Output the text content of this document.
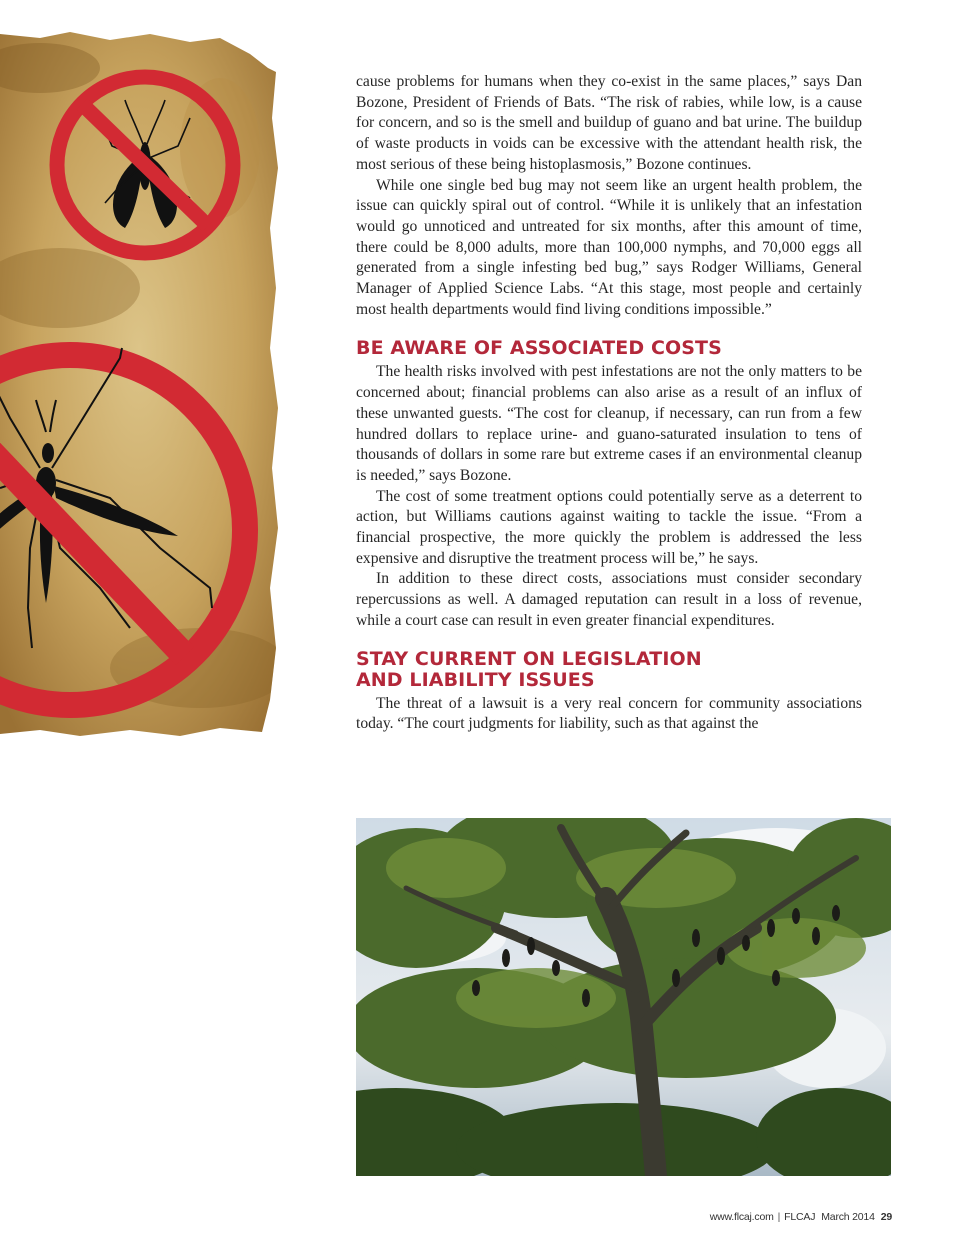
cause problems for humans when they co-exist in the same places,” says Dan Bozone, President of Friends of Bats. “The risk of rabies, while low, is a cause for concern, and so is the smell and buildup of guano and bat urine. The buildup of waste products in voids can be excessive with the attendant health risk, the most serious of these being histoplasmosis,” Bozone continues.

While one single bed bug may not seem like an urgent health problem, the issue can quickly spiral out of control. “While it is unlikely that an infestation would go unnoticed and untreated for six months, after this amount of time, there could be 8,000 adults, more than 100,000 nymphs, and 70,000 eggs all generated from a single infesting bed bug,” says Rodger Williams, General Manager of Applied Science Labs. “At this stage, most people and certainly most health departments would find living conditions impossible.”

BE AWARE OF ASSOCIATED COSTS

The health risks involved with pest infestations are not the only matters to be concerned about; financial problems can also arise as a result of an influx of these unwanted guests. “The cost for cleanup, if necessary, can run from a few hundred dollars to replace urine- and guano-saturated insulation to tens of thousands of dollars in some rare but extreme cases if an environmental cleanup is needed,” says Bozone.

The cost of some treatment options could potentially serve as a deterrent to action, but Williams cautions against waiting to tackle the issue. “From a financial prospective, the more quickly the problem is addressed the less expensive and disruptive the treatment process will be,” he says.

In addition to these direct costs, associations must consider secondary repercussions as well. A damaged reputation can result in a loss of revenue, while a court case can result in even greater financial expenditures.

STAY CURRENT ON LEGISLATION
AND LIABILITY ISSUES

The threat of a lawsuit is a very real concern for community associations today. “The court judgments for liability, such as that against the

www.flcaj.com | FLCAJ March 2014 29
